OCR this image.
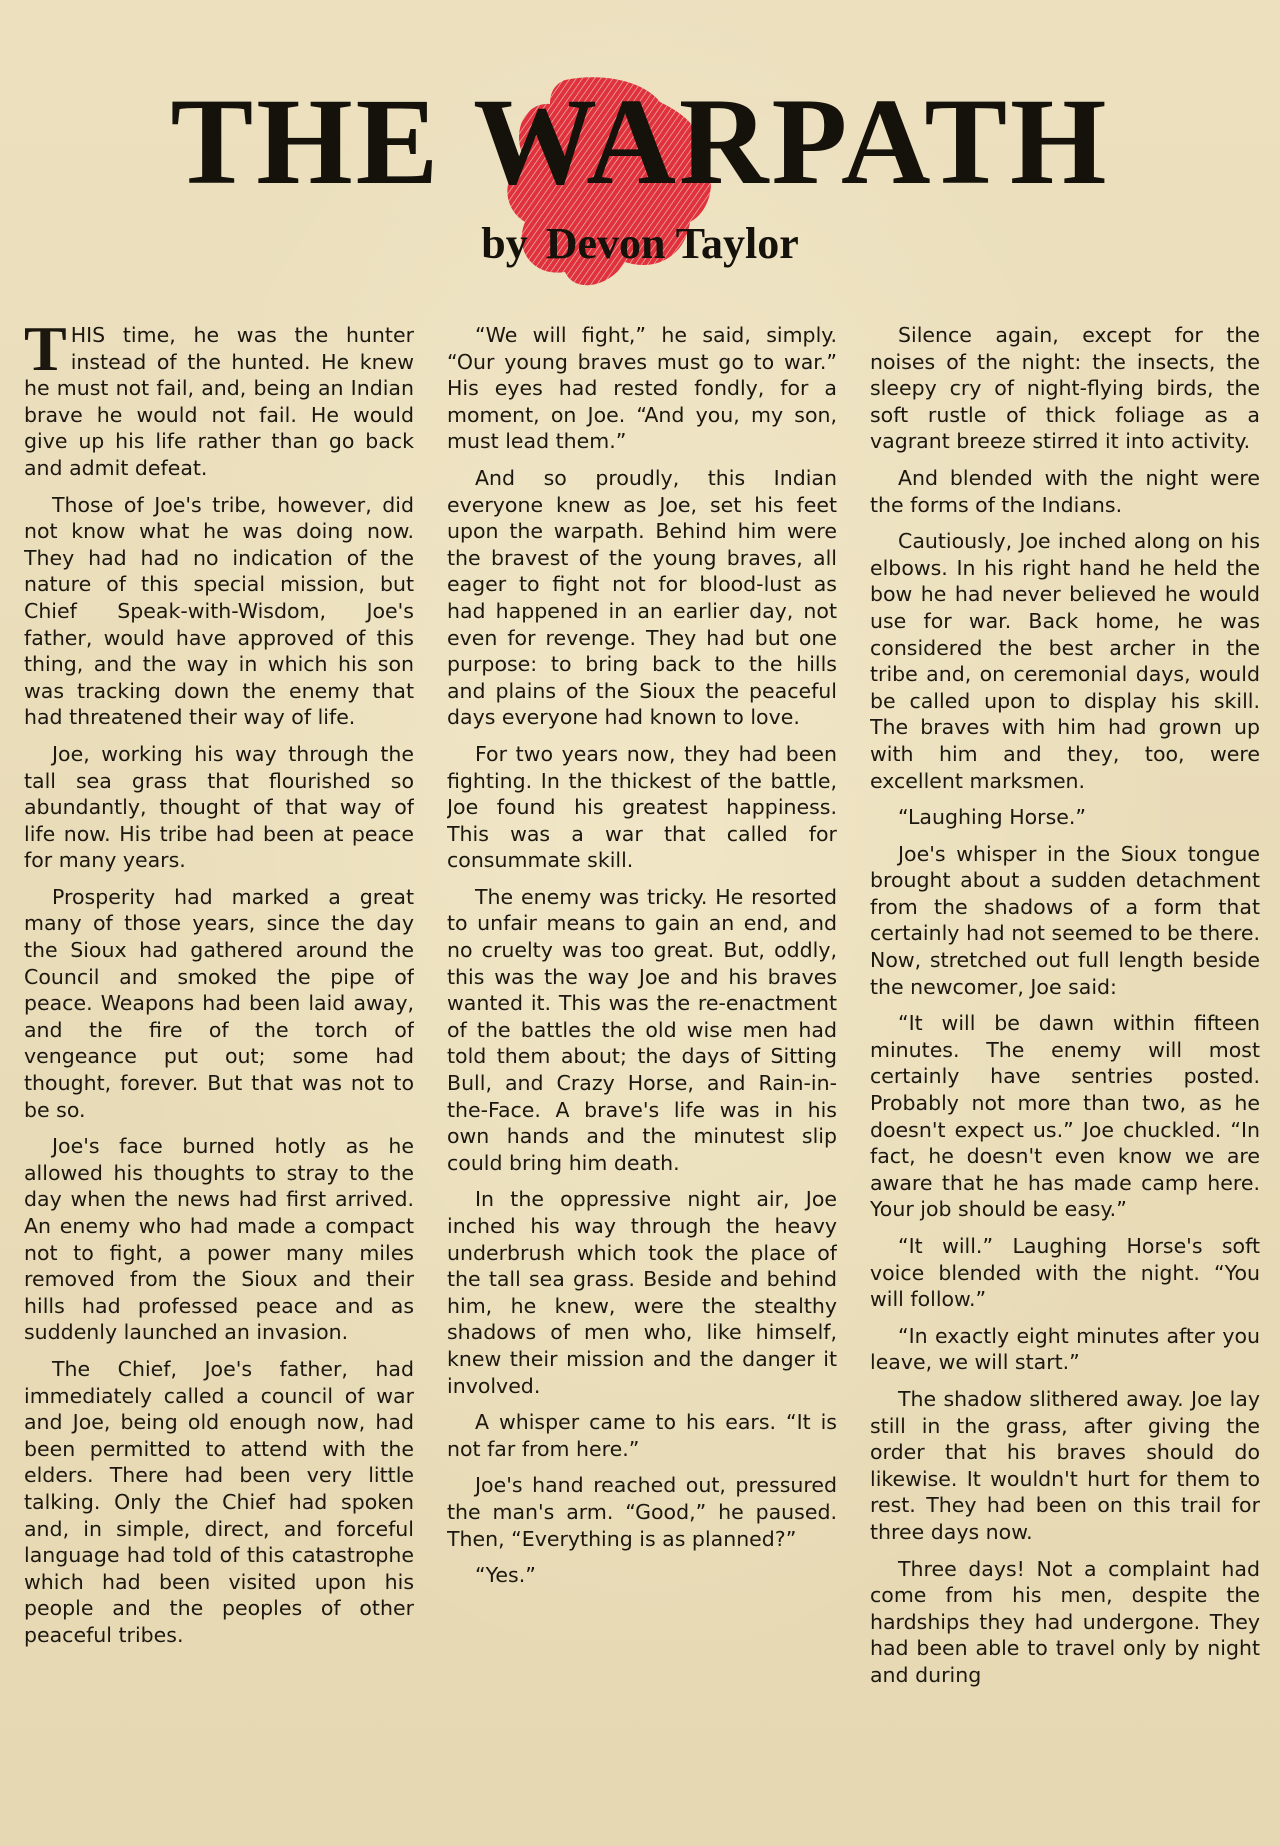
THE WARPATH
by Devon Taylor

THIS time, he was the hunter instead of the hunted. He knew he must not fail, and, being an Indian brave he would not fail. He would give up his life rather than go back and admit defeat.

Those of Joe's tribe, however, did not know what he was doing now. They had had no indication of the nature of this special mission, but Chief Speak-with-Wisdom, Joe's father, would have approved of this thing, and the way in which his son was tracking down the enemy that had threatened their way of life.

Joe, working his way through the tall sea grass that flourished so abundantly, thought of that way of life now. His tribe had been at peace for many years.

Prosperity had marked a great many of those years, since the day the Sioux had gathered around the Council and smoked the pipe of peace. Weapons had been laid away, and the fire of the torch of vengeance put out; some had thought, forever. But that was not to be so.

Joe's face burned hotly as he allowed his thoughts to stray to the day when the news had first arrived. An enemy who had made a compact not to fight, a power many miles removed from the Sioux and their hills had professed peace and as suddenly launched an invasion.

The Chief, Joe's father, had immediately called a council of war and Joe, being old enough now, had been permitted to attend with the elders. There had been very little talking. Only the Chief had spoken and, in simple, direct, and forceful language had told of this catastrophe which had been visited upon his people and the peoples of other peaceful tribes.

“We will fight,” he said, simply. “Our young braves must go to war.” His eyes had rested fondly, for a moment, on Joe. “And you, my son, must lead them.”

And so proudly, this Indian everyone knew as Joe, set his feet upon the warpath. Behind him were the bravest of the young braves, all eager to fight not for blood-lust as had happened in an earlier day, not even for revenge. They had but one purpose: to bring back to the hills and plains of the Sioux the peaceful days everyone had known to love.

For two years now, they had been fighting. In the thickest of the battle, Joe found his greatest happiness. This was a war that called for consummate skill.

The enemy was tricky. He resorted to unfair means to gain an end, and no cruelty was too great. But, oddly, this was the way Joe and his braves wanted it. This was the re-enactment of the battles the old wise men had told them about; the days of Sitting Bull, and Crazy Horse, and Rain-in-the-Face. A brave's life was in his own hands and the minutest slip could bring him death.

In the oppressive night air, Joe inched his way through the heavy underbrush which took the place of the tall sea grass. Beside and behind him, he knew, were the stealthy shadows of men who, like himself, knew their mission and the danger it involved.

A whisper came to his ears. “It is not far from here.”

Joe's hand reached out, pressured the man's arm. “Good,” he paused. Then, “Everything is as planned?”

“Yes.”

Silence again, except for the noises of the night: the insects, the sleepy cry of night-flying birds, the soft rustle of thick foliage as a vagrant breeze stirred it into activity.

And blended with the night were the forms of the Indians.

Cautiously, Joe inched along on his elbows. In his right hand he held the bow he had never believed he would use for war. Back home, he was considered the best archer in the tribe and, on ceremonial days, would be called upon to display his skill. The braves with him had grown up with him and they, too, were excellent marksmen.

“Laughing Horse.”

Joe's whisper in the Sioux tongue brought about a sudden detachment from the shadows of a form that certainly had not seemed to be there. Now, stretched out full length beside the newcomer, Joe said:

“It will be dawn within fifteen minutes. The enemy will most certainly have sentries posted. Probably not more than two, as he doesn't expect us.” Joe chuckled. “In fact, he doesn't even know we are aware that he has made camp here. Your job should be easy.”

“It will.” Laughing Horse's soft voice blended with the night. “You will follow.”

“In exactly eight minutes after you leave, we will start.”

The shadow slithered away. Joe lay still in the grass, after giving the order that his braves should do likewise. It wouldn't hurt for them to rest. They had been on this trail for three days now.

Three days! Not a complaint had come from his men, despite the hardships they had undergone. They had been able to travel only by night and during
